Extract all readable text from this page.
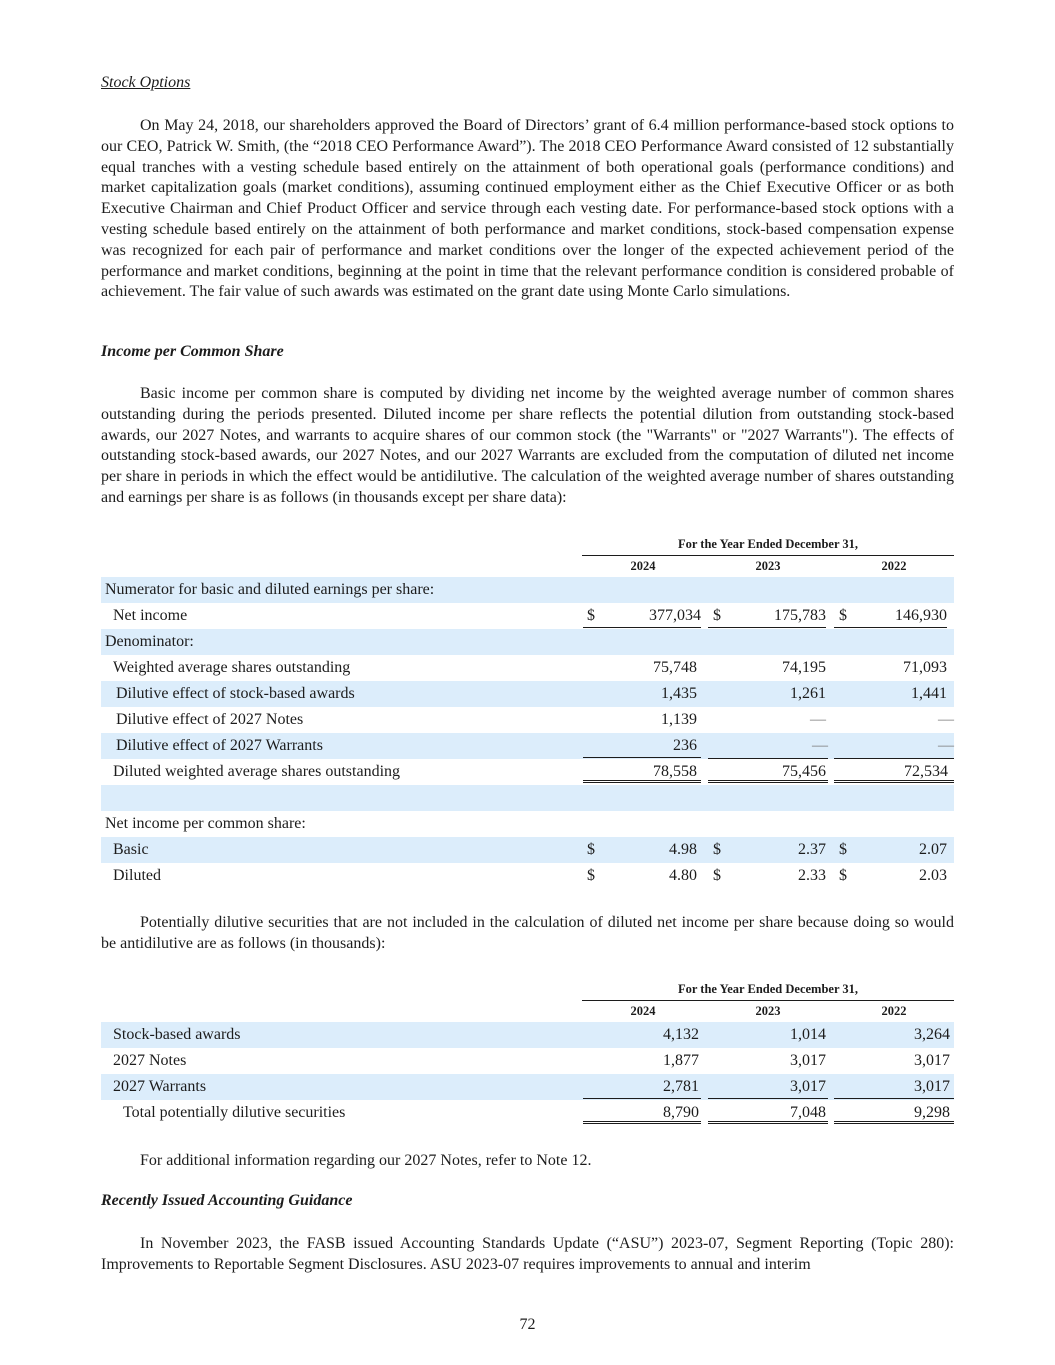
Stock Options

On May 24, 2018, our shareholders approved the Board of Directors’ grant of 6.4 million performance-based stock options to our CEO, Patrick W. Smith, (the “2018 CEO Performance Award”). The 2018 CEO Performance Award consisted of 12 substantially equal tranches with a vesting schedule based entirely on the attainment of both operational goals (performance conditions) and market capitalization goals (market conditions), assuming continued employment either as the Chief Executive Officer or as both Executive Chairman and Chief Product Officer and service through each vesting date. For performance-based stock options with a vesting schedule based entirely on the attainment of both performance and market conditions, stock-based compensation expense was recognized for each pair of performance and market conditions over the longer of the expected achievement period of the performance and market conditions, beginning at the point in time that the relevant performance condition is considered probable of achievement. The fair value of such awards was estimated on the grant date using Monte Carlo simulations.

Income per Common Share

Basic income per common share is computed by dividing net income by the weighted average number of common shares outstanding during the periods presented. Diluted income per share reflects the potential dilution from outstanding stock-based awards, our 2027 Notes, and warrants to acquire shares of our common stock (the "Warrants" or "2027 Warrants"). The effects of outstanding stock-based awards, our 2027 Notes, and our 2027 Warrants are excluded from the computation of diluted net income per share in periods in which the effect would be antidilutive. The calculation of the weighted average number of shares outstanding and earnings per share is as follows (in thousands except per share data):

For the Year Ended December 31,
2024	2023	2022
Numerator for basic and diluted earnings per share:
Net income	$	377,034 $	175,783 $	146,930
Denominator:
Weighted average shares outstanding	75,748	74,195	71,093
Dilutive effect of stock-based awards	1,435	1,261	1,441
Dilutive effect of 2027 Notes	1,139	—	—
Dilutive effect of 2027 Warrants	236	—	—
Diluted weighted average shares outstanding	78,558	75,456	72,534
Net income per common share:
Basic	$	4.98 $	2.37 $	2.07
Diluted	$	4.80 $	2.33 $	2.03

Potentially dilutive securities that are not included in the calculation of diluted net income per share because doing so would be antidilutive are as follows (in thousands):

For the Year Ended December 31,
2024	2023	2022
Stock-based awards	4,132	1,014	3,264
2027 Notes	1,877	3,017	3,017
2027 Warrants	2,781	3,017	3,017
Total potentially dilutive securities	8,790	7,048	9,298

For additional information regarding our 2027 Notes, refer to Note 12.

Recently Issued Accounting Guidance

In November 2023, the FASB issued Accounting Standards Update (“ASU”) 2023-07, Segment Reporting (Topic 280): Improvements to Reportable Segment Disclosures. ASU 2023-07 requires improvements to annual and interim

72
